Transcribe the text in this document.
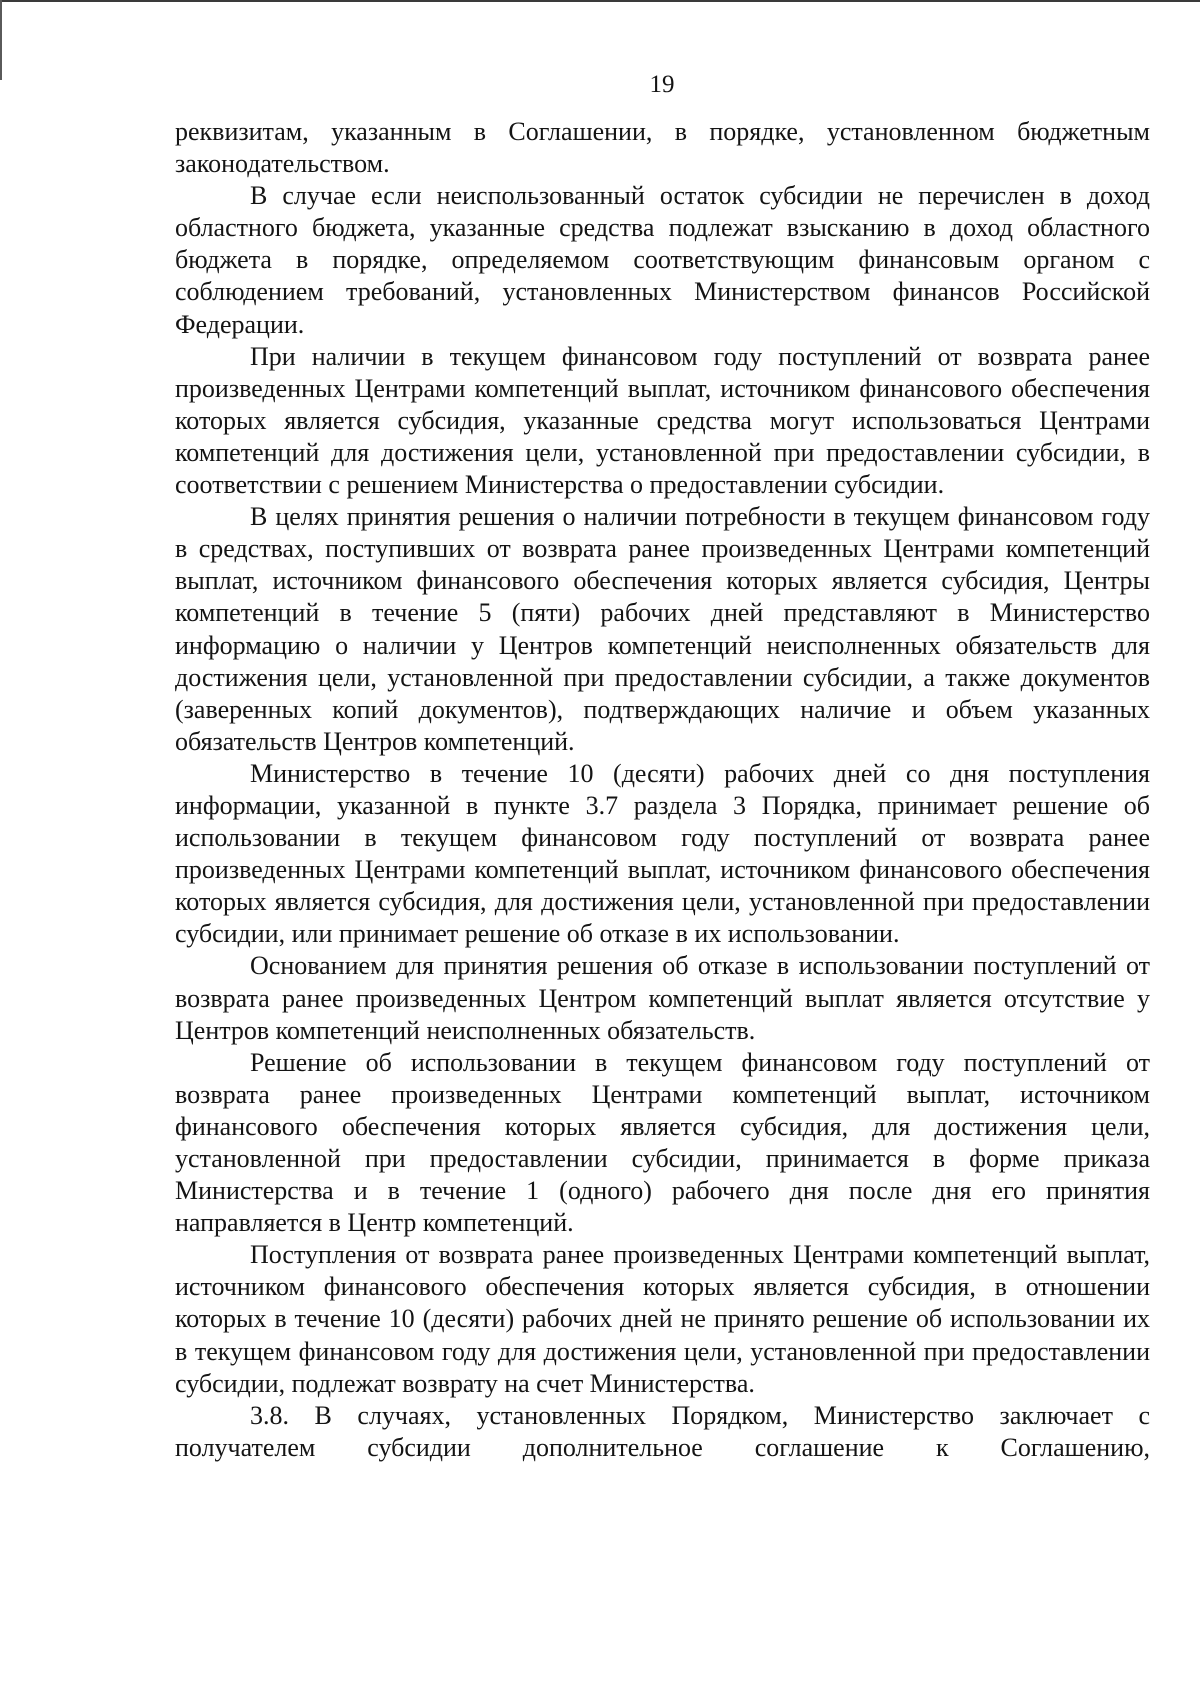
19

реквизитам, указанным в Соглашении, в порядке, установленном бюджетным законодательством.

В случае если неиспользованный остаток субсидии не перечислен в доход областного бюджета, указанные средства подлежат взысканию в доход областного бюджета в порядке, определяемом соответствующим финансовым органом с соблюдением требований, установленных Министерством финансов Российской Федерации.

При наличии в текущем финансовом году поступлений от возврата ранее произведенных Центрами компетенций выплат, источником финансового обеспечения которых является субсидия, указанные средства могут использоваться Центрами компетенций для достижения цели, установленной при предоставлении субсидии, в соответствии с решением Министерства о предоставлении субсидии.

В целях принятия решения о наличии потребности в текущем финансовом году в средствах, поступивших от возврата ранее произведенных Центрами компетенций выплат, источником финансового обеспечения которых является субсидия, Центры компетенций в течение 5 (пяти) рабочих дней представляют в Министерство информацию о наличии у Центров компетенций неисполненных обязательств для достижения цели, установленной при предоставлении субсидии, а также документов (заверенных копий документов), подтверждающих наличие и объем указанных обязательств Центров компетенций.

Министерство в течение 10 (десяти) рабочих дней со дня поступления информации, указанной в пункте 3.7 раздела 3 Порядка, принимает решение об использовании в текущем финансовом году поступлений от возврата ранее произведенных Центрами компетенций выплат, источником финансового обеспечения которых является субсидия, для достижения цели, установленной при предоставлении субсидии, или принимает решение об отказе в их использовании.

Основанием для принятия решения об отказе в использовании поступлений от возврата ранее произведенных Центром компетенций выплат является отсутствие у Центров компетенций неисполненных обязательств.

Решение об использовании в текущем финансовом году поступлений от возврата ранее произведенных Центрами компетенций выплат, источником финансового обеспечения которых является субсидия, для достижения цели, установленной при предоставлении субсидии, принимается в форме приказа Министерства и в течение 1 (одного) рабочего дня после дня его принятия направляется в Центр компетенций.

Поступления от возврата ранее произведенных Центрами компетенций выплат, источником финансового обеспечения которых является субсидия, в отношении которых в течение 10 (десяти) рабочих дней не принято решение об использовании их в текущем финансовом году для достижения цели, установленной при предоставлении субсидии, подлежат возврату на счет Министерства.

3.8. В случаях, установленных Порядком, Министерство заключает с получателем субсидии дополнительное соглашение к Соглашению,
